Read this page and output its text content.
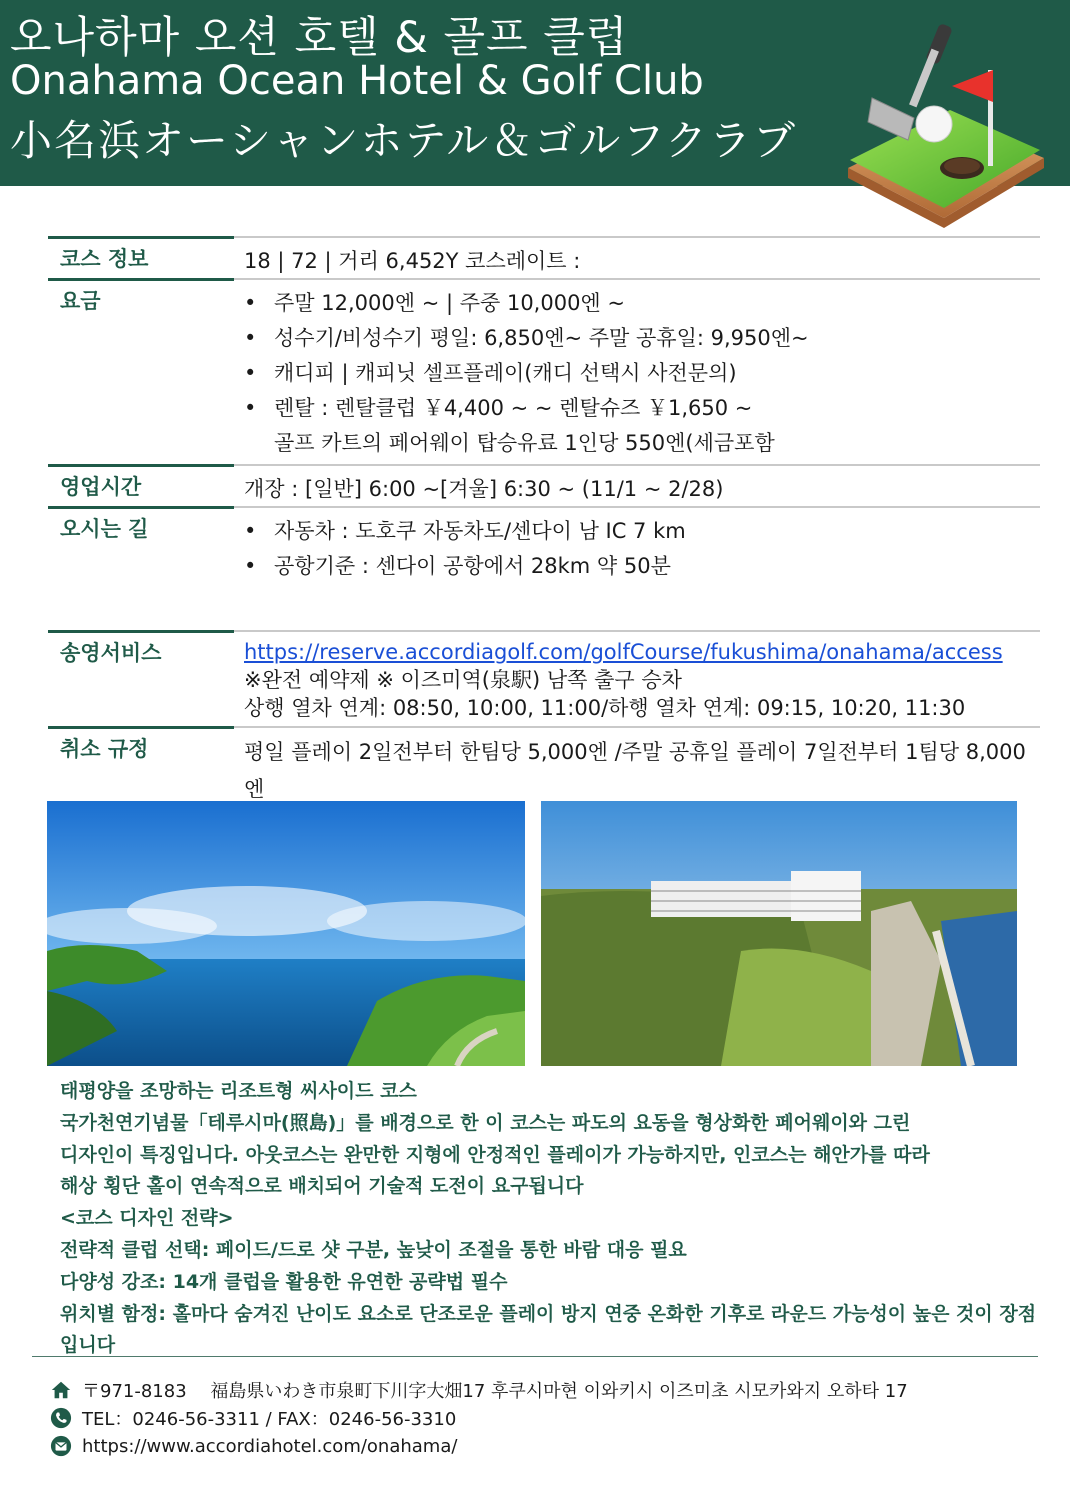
오나하마 오션 호텔 & 골프 클럽
Onahama Ocean Hotel & Golf Club
小名浜オーシャンホテル＆ゴルフクラブ
코스 정보	18 | 72 | 거리 6,452Y 코스레이트 :
요금	• 주말 12,000엔 ~ | 주중 10,000엔 ~
• 성수기/비성수기 평일: 6,850엔~ 주말 공휴일: 9,950엔~
• 캐디피 | 캐피닛 셀프플레이(캐디 선택시 사전문의)
• 렌탈 : 렌탈클럽 ￥4,400 ~ ~ 렌탈슈즈 ￥1,650 ~
골프 카트의 페어웨이 탑승유료 1인당 550엔(세금포함
영업시간	개장 : [일반] 6:00 ~[겨울] 6:30 ~ (11/1 ~ 2/28)
오시는 길	• 자동차 : 도호쿠 자동차도/센다이 남 IC 7 km
• 공항기준 : 센다이 공항에서 28km 약 50분
송영서비스	https://reserve.accordiagolf.com/golfCourse/fukushima/onahama/access
※완전 예약제 ※ 이즈미역(泉駅) 남쪽 출구 승차
상행 열차 연계: 08:50, 10:00, 11:00/하행 열차 연계: 09:15, 10:20, 11:30
취소 규정	평일 플레이 2일전부터 한팀당 5,000엔 /주말 공휴일 플레이 7일전부터 1팀당 8,000엔
태평양을 조망하는 리조트형 씨사이드 코스
국가천연기념물「테루시마(照島)」를 배경으로 한 이 코스는 파도의 요동을 형상화한 페어웨이와 그린
디자인이 특징입니다. 아웃코스는 완만한 지형에 안정적인 플레이가 가능하지만, 인코스는 해안가를 따라
해상 횡단 홀이 연속적으로 배치되어 기술적 도전이 요구됩니다
<코스 디자인 전략>
전략적 클럽 선택: 페이드/드로 샷 구분, 높낮이 조절을 통한 바람 대응 필요
다양성 강조: 14개 클럽을 활용한 유연한 공략법 필수
위치별 함정: 홀마다 숨겨진 난이도 요소로 단조로운 플레이 방지 연중 온화한 기후로 라운드 가능성이 높은 것이 장점입니다
〒971-8183　 福島県いわき市泉町下川字大畑17 후쿠시마현 이와키시 이즈미초 시모카와지 오하타 17
TEL：0246-56-3311 / FAX：0246-56-3310
https://www.accordiahotel.com/onahama/
